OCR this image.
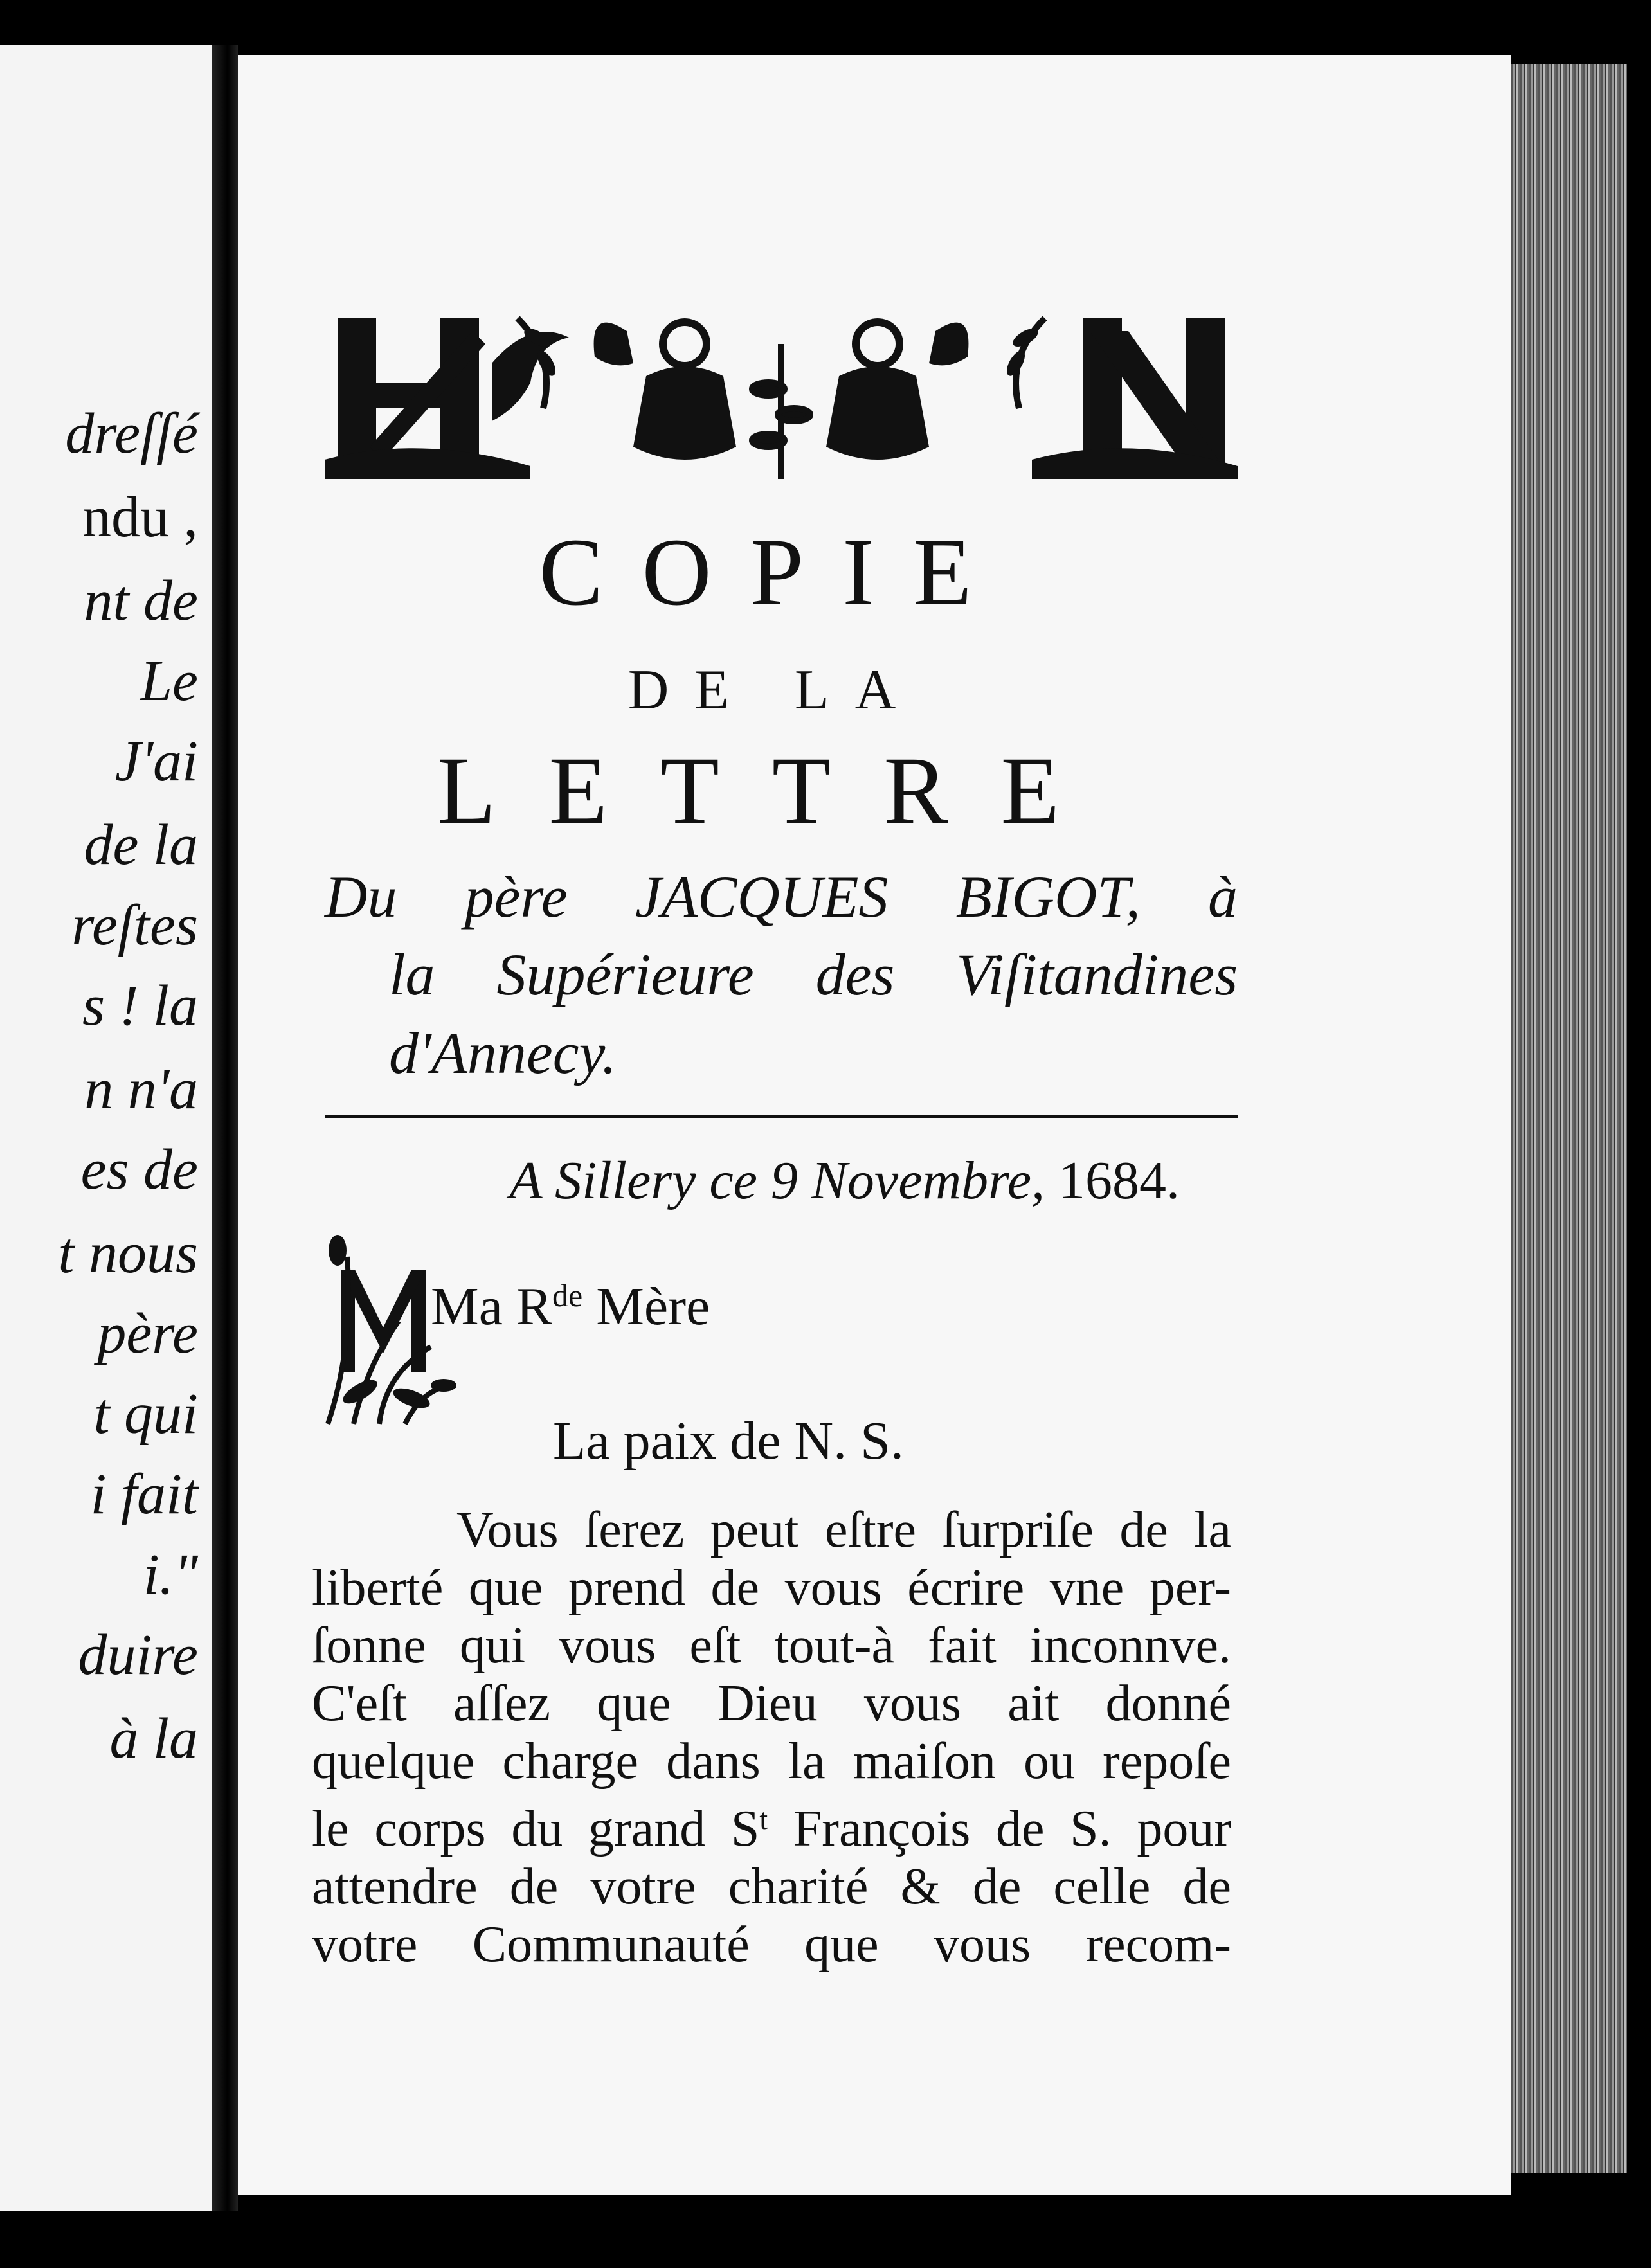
dreſſé
ndu ,
nt de
Le
J'ai
de la
reſtes
s ! la
n n'a
es de
t nous
père
t qui
i fait
i."
duire
à la
COPIE
DE LA
LETTRE
Du père JACQUES BIGOT, à
la Supérieure des Viſitandines
d'Annecy.
A Sillery ce 9 Novembre, 1684.
Ma $R^{de}$ Mère
La paix de N. S.
Vous ſerez peut eſtre ſurpriſe de la
liberté que prend de vous écrire vne per-
ſonne qui vous eſt tout-à fait inconnve.
C'eſt aſſez que Dieu vous ait donné
quelque charge dans la maiſon ou repoſe
le corps du grand $S^t$ François de S. pour
attendre de votre charité & de celle de
votre Communauté que vous recom-
